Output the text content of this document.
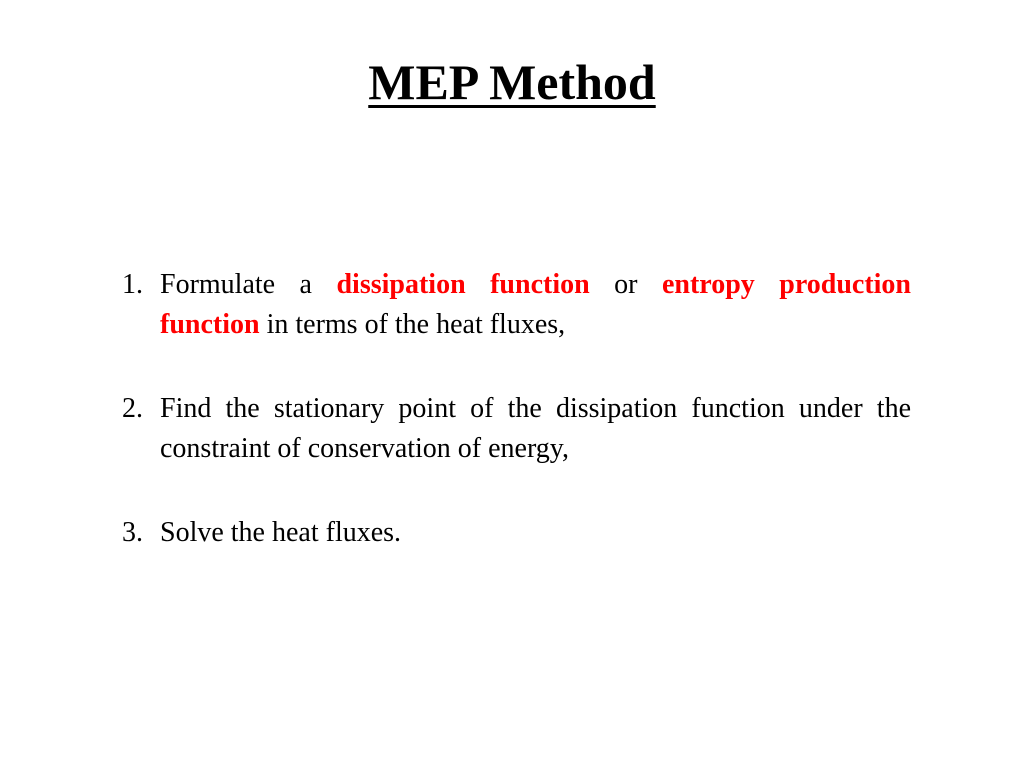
MEP Method
1. Formulate a dissipation function or entropy production function in terms of the heat fluxes,
2. Find the stationary point of the dissipation function under the constraint of conservation of energy,
3. Solve the heat fluxes.
